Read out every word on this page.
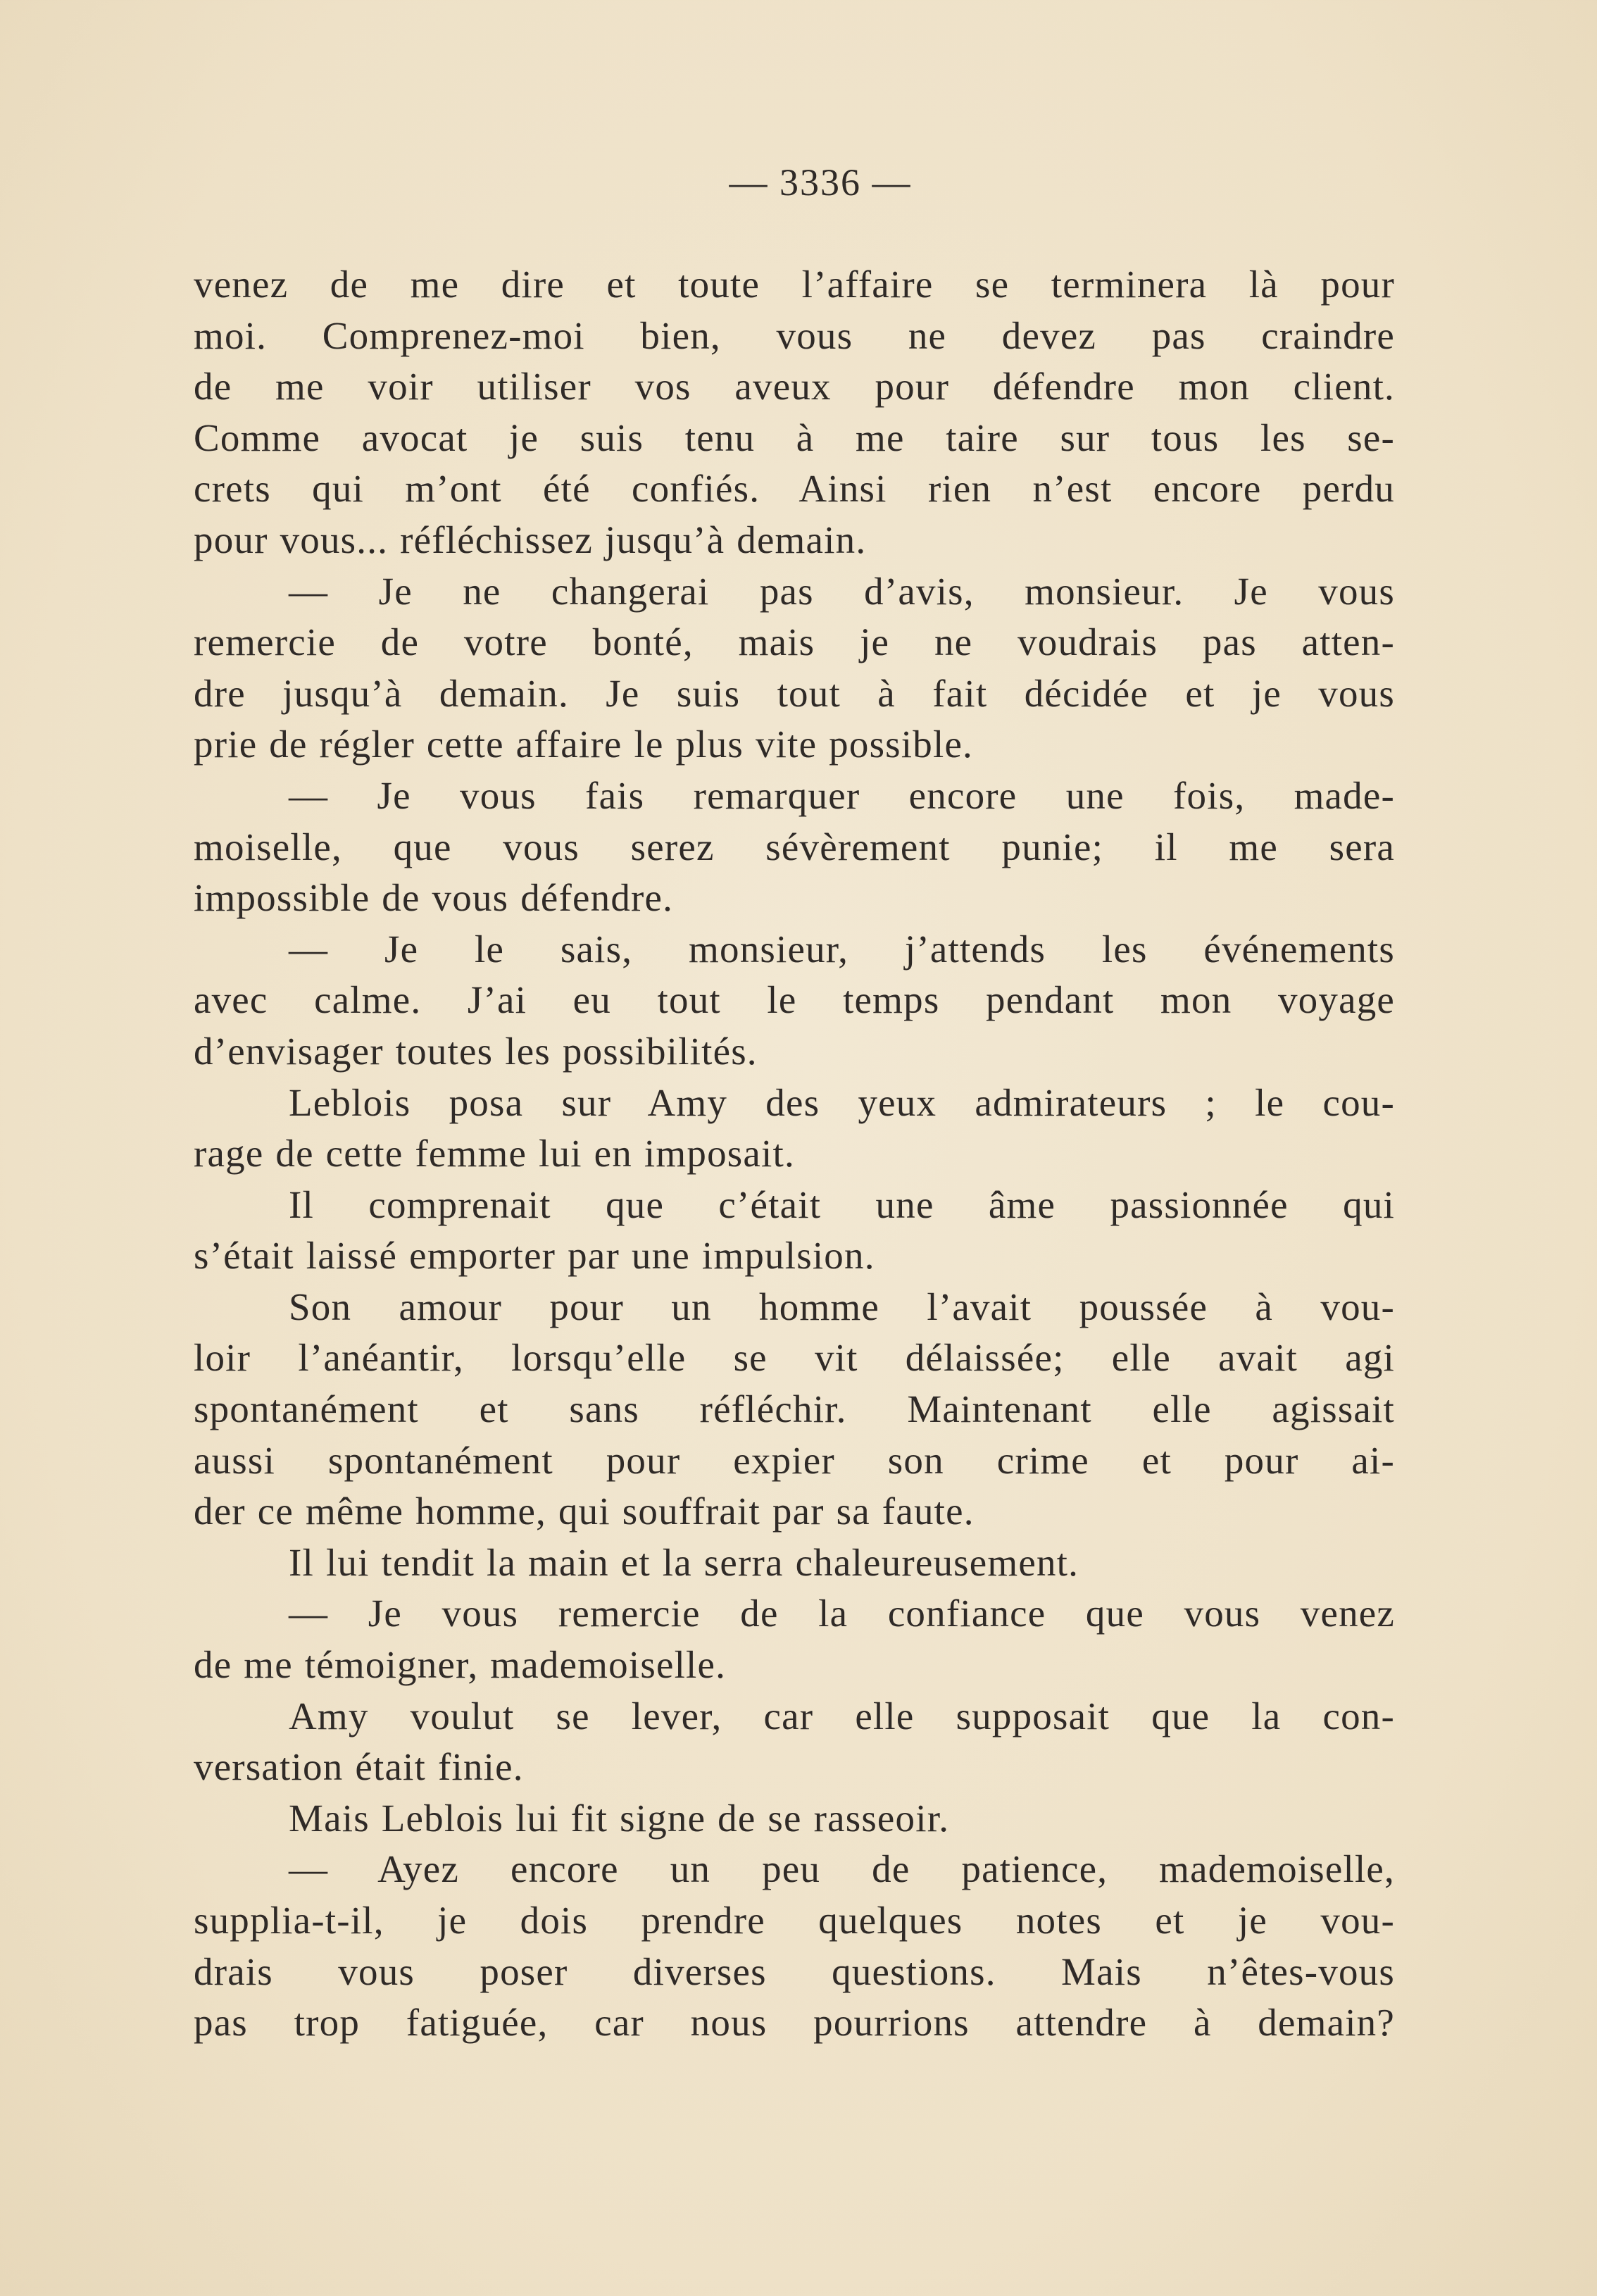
— 3336 —
venez de me dire et toute l’affaire se terminera là pour
moi. Comprenez-moi bien, vous ne devez pas craindre
de me voir utiliser vos aveux pour défendre mon client.
Comme avocat je suis tenu à me taire sur tous les se-
crets qui m’ont été confiés. Ainsi rien n’est encore perdu
pour vous... réfléchissez jusqu’à demain.
— Je ne changerai pas d’avis, monsieur. Je vous
remercie de votre bonté, mais je ne voudrais pas atten-
dre jusqu’à demain. Je suis tout à fait décidée et je vous
prie de régler cette affaire le plus vite possible.
— Je vous fais remarquer encore une fois, made-
moiselle, que vous serez sévèrement punie; il me sera
impossible de vous défendre.
— Je le sais, monsieur, j’attends les événements
avec calme. J’ai eu tout le temps pendant mon voyage
d’envisager toutes les possibilités.
Leblois posa sur Amy des yeux admirateurs ; le cou-
rage de cette femme lui en imposait.
Il comprenait que c’était une âme passionnée qui
s’était laissé emporter par une impulsion.
Son amour pour un homme l’avait poussée à vou-
loir l’anéantir, lorsqu’elle se vit délaissée; elle avait agi
spontanément et sans réfléchir. Maintenant elle agissait
aussi spontanément pour expier son crime et pour ai-
der ce même homme, qui souffrait par sa faute.
Il lui tendit la main et la serra chaleureusement.
— Je vous remercie de la confiance que vous venez
de me témoigner, mademoiselle.
Amy voulut se lever, car elle supposait que la con-
versation était finie.
Mais Leblois lui fit signe de se rasseoir.
— Ayez encore un peu de patience, mademoiselle,
supplia-t-il, je dois prendre quelques notes et je vou-
drais vous poser diverses questions. Mais n’êtes-vous
pas trop fatiguée, car nous pourrions attendre à demain?
